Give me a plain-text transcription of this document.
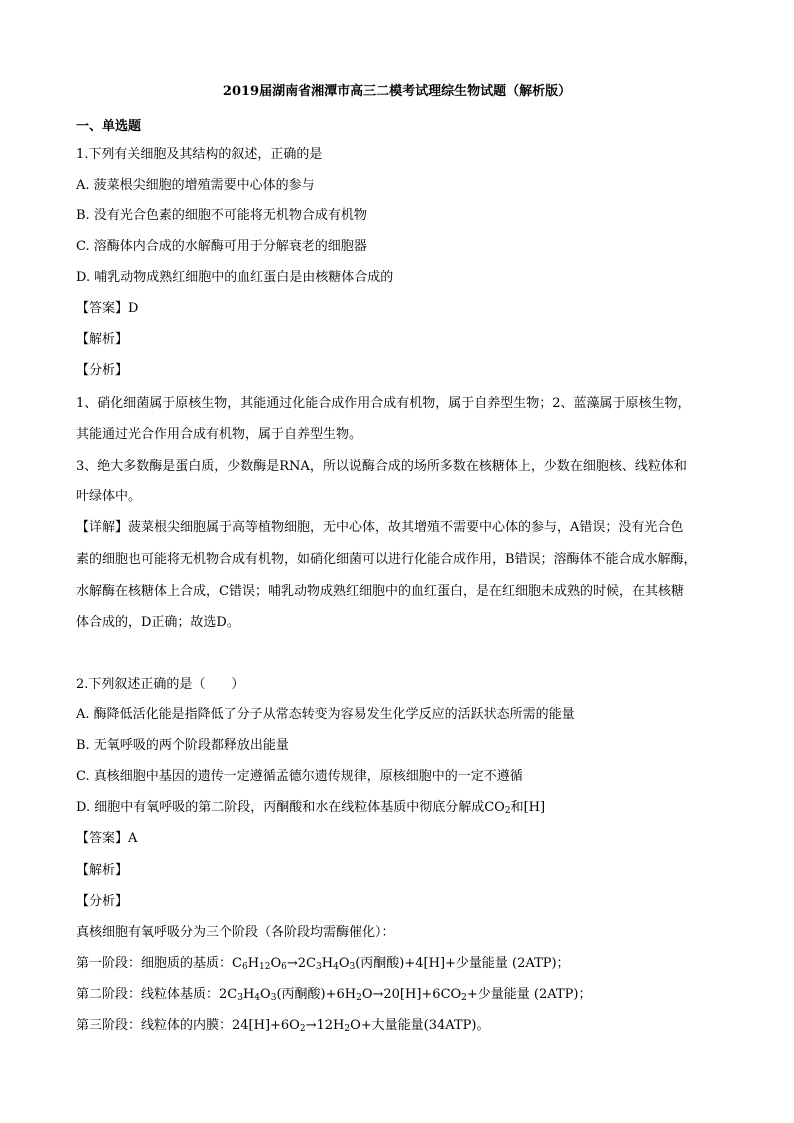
2019届湖南省湘潭市高三二模考试理综生物试题（解析版）
一、单选题
1.下列有关细胞及其结构的叙述，正确的是
A. 菠菜根尖细胞的增殖需要中心体的参与
B. 没有光合色素的细胞不可能将无机物合成有机物
C. 溶酶体内合成的水解酶可用于分解衰老的细胞器
D. 哺乳动物成熟红细胞中的血红蛋白是由核糖体合成的
【答案】D
【解析】
【分析】
1、硝化细菌属于原核生物，其能通过化能合成作用合成有机物，属于自养型生物；2、蓝藻属于原核生物，
其能通过光合作用合成有机物，属于自养型生物。
3、绝大多数酶是蛋白质，少数酶是RNA，所以说酶合成的场所多数在核糖体上，少数在细胞核、线粒体和
叶绿体中。
【详解】菠菜根尖细胞属于高等植物细胞，无中心体，故其增殖不需要中心体的参与，A错误；没有光合色
素的细胞也可能将无机物合成有机物，如硝化细菌可以进行化能合成作用，B错误；溶酶体不能合成水解酶，
水解酶在核糖体上合成，C错误；哺乳动物成熟红细胞中的血红蛋白，是在红细胞未成熟的时候，在其核糖
体合成的，D正确；故选D。
2.下列叙述正确的是（　　）
A. 酶降低活化能是指降低了分子从常态转变为容易发生化学反应的活跃状态所需的能量
B. 无氧呼吸的两个阶段都释放出能量
C. 真核细胞中基因的遗传一定遵循孟德尔遗传规律，原核细胞中的一定不遵循
D. 细胞中有氧呼吸的第二阶段，丙酮酸和水在线粒体基质中彻底分解成$CO_2$和[H]
【答案】A
【解析】
【分析】
真核细胞有氧呼吸分为三个阶段（各阶段均需酶催化）：
第一阶段：细胞质的基质：$C_6H_{12}O_6\to 2C_3H_4O_3$(丙酮酸)+4[H]+少量能量 (2ATP)；
第二阶段：线粒体基质：$2C_3H_4O_3$(丙酮酸)$+6H_2O\to 20[H]+6CO_2+$少量能量 (2ATP)；
第三阶段：线粒体的内膜：$24[H]+6O_2\to 12H_2O+$大量能量(34ATP)。
